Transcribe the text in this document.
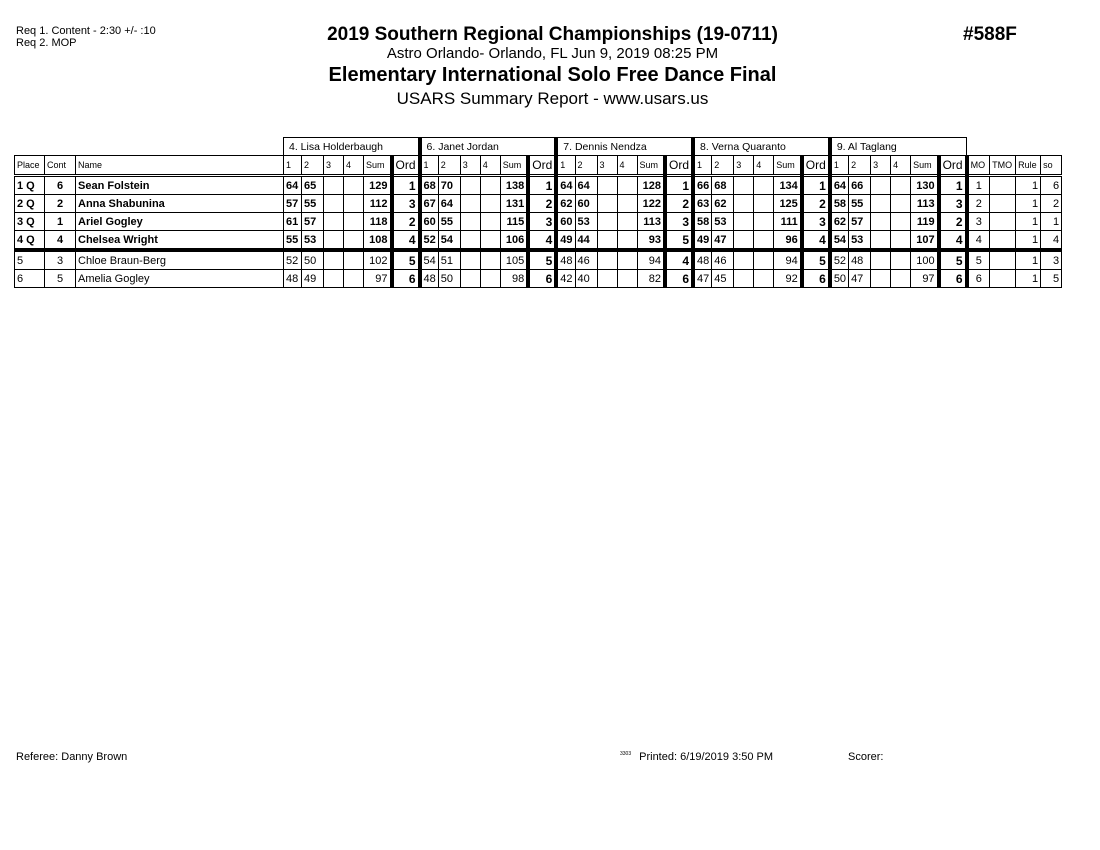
Req 1. Content - 2:30 +/- :10
Req 2. MOP	2019 Southern Regional Championships (19-0711)
Astro Orlando- Orlando, FL Jun 9, 2019 08:25 PM
Elementary International Solo Free Dance Final
USARS Summary Report - www.usars.us
#588F
			4. Lisa Holderbaugh						6. Janet Jordan						7. Dennis Nendza						8. Verna Quaranto						9. Al Taglang									
Place	Cont	Name	1	2	3	4	Sum	Ord	1	2	3	4	Sum	Ord	1	2	3	4	Sum	Ord	1	2	3	4	Sum	Ord	1	2	3	4	Sum	Ord	MO	TMO	Rule	so
1 Q	6	Sean Folstein	64	65			129	1	68	70			138	1	64	64			128	1	66	68			134	1	64	66			130	1	1		1	6
2 Q	2	Anna Shabunina	57	55			112	3	67	64			131	2	62	60			122	2	63	62			125	2	58	55			113	3	2		1	2
3 Q	1	Ariel Gogley	61	57			118	2	60	55			115	3	60	53			113	3	58	53			111	3	62	57			119	2	3		1	1
4 Q	4	Chelsea Wright	55	53			108	4	52	54			106	4	49	44			93	5	49	47			96	4	54	53			107	4	4		1	4
5	3	Chloe Braun-Berg	52	50			102	5	54	51			105	5	48	46			94	4	48	46			94	5	52	48			100	5	5		1	3
6	5	Amelia Gogley	48	49			97	6	48	50			98	6	42	40			82	6	47	45			92	6	50	47			97	6	6		1	5
Referee: Danny Brown	$^{3303}$ Printed: 6/19/2019 3:50 PM	Scorer:
